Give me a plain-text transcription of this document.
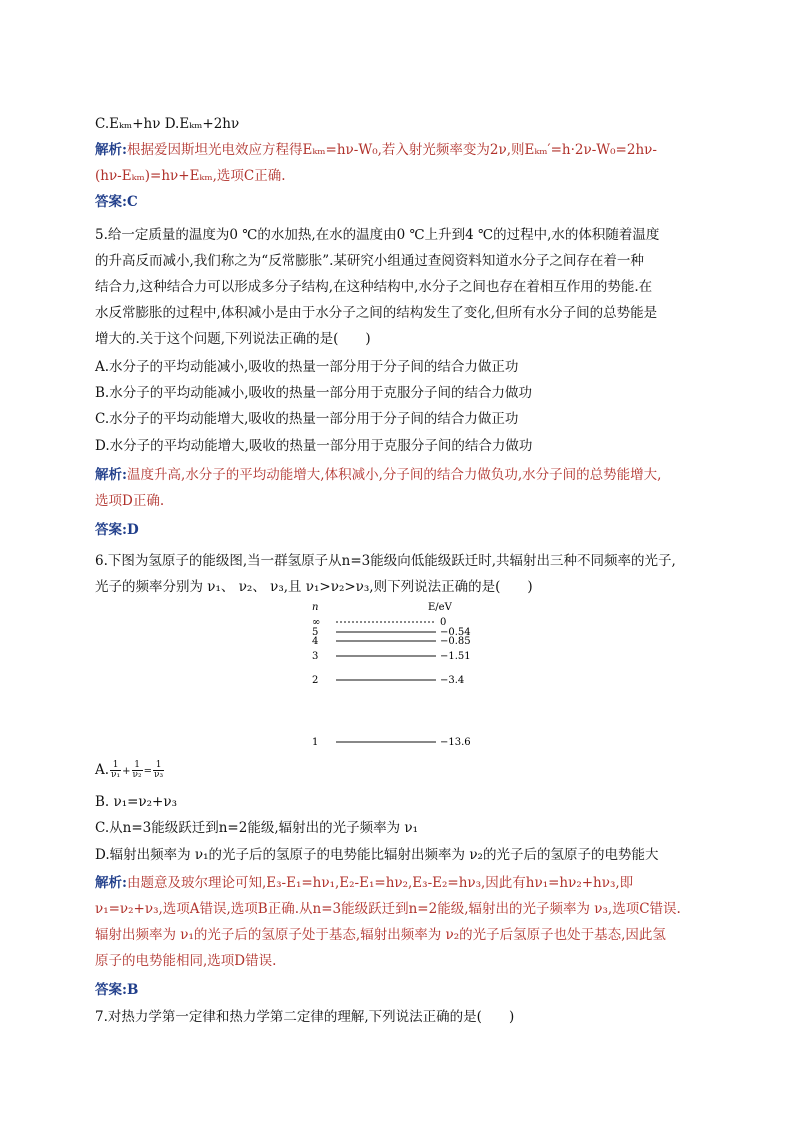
C.Eₖₘ+hν D.Eₖₘ+2hν
解析:根据爱因斯坦光电效应方程得Eₖₘ=hν-W₀,若入射光频率变为2ν,则Eₖₘ′=h·2ν-W₀=2hν-
(hν-Eₖₘ)=hν+Eₖₘ,选项C正确.
答案:C
5.给一定质量的温度为0 ℃的水加热,在水的温度由0 ℃上升到4 ℃的过程中,水的体积随着温度
的升高反而减小,我们称之为“反常膨胀”.某研究小组通过查阅资料知道水分子之间存在着一种
结合力,这种结合力可以形成多分子结构,在这种结构中,水分子之间也存在着相互作用的势能.在
水反常膨胀的过程中,体积减小是由于水分子之间的结构发生了变化,但所有水分子间的总势能是
增大的.关于这个问题,下列说法正确的是(　　)
A.水分子的平均动能减小,吸收的热量一部分用于分子间的结合力做正功
B.水分子的平均动能减小,吸收的热量一部分用于克服分子间的结合力做功
C.水分子的平均动能增大,吸收的热量一部分用于分子间的结合力做正功
D.水分子的平均动能增大,吸收的热量一部分用于克服分子间的结合力做功
解析:温度升高,水分子的平均动能增大,体积减小,分子间的结合力做负功,水分子间的总势能增大,
选项D正确.
答案:D
6.下图为氢原子的能级图,当一群氢原子从n=3能级向低能级跃迁时,共辐射出三种不同频率的光子,
光子的频率分别为 ν₁、 ν₂、 ν₃,且 ν₁>ν₂>ν₃,则下列说法正确的是(　　)
n	E/eV
∞	0
5	−0.54
4	−0.85
3	−1.51
2	−3.4
1	−13.6
A. $\frac{1}{\text{ν₁}} + \frac{1}{\text{ν₂}} = \frac{1}{\text{ν₃}}$
B. ν₁=ν₂+ν₃
C.从n=3能级跃迁到n=2能级,辐射出的光子频率为 ν₁
D.辐射出频率为 ν₁的光子后的氢原子的电势能比辐射出频率为 ν₂的光子后的氢原子的电势能大
解析:由题意及玻尔理论可知,E₃-E₁=hν₁,E₂-E₁=hν₂,E₃-E₂=hν₃,因此有hν₁=hν₂+hν₃,即
ν₁=ν₂+ν₃,选项A错误,选项B正确.从n=3能级跃迁到n=2能级,辐射出的光子频率为 ν₃,选项C错误.
辐射出频率为 ν₁的光子后的氢原子处于基态,辐射出频率为 ν₂的光子后氢原子也处于基态,因此氢
原子的电势能相同,选项D错误.
答案:B
7.对热力学第一定律和热力学第二定律的理解,下列说法正确的是(　　)
